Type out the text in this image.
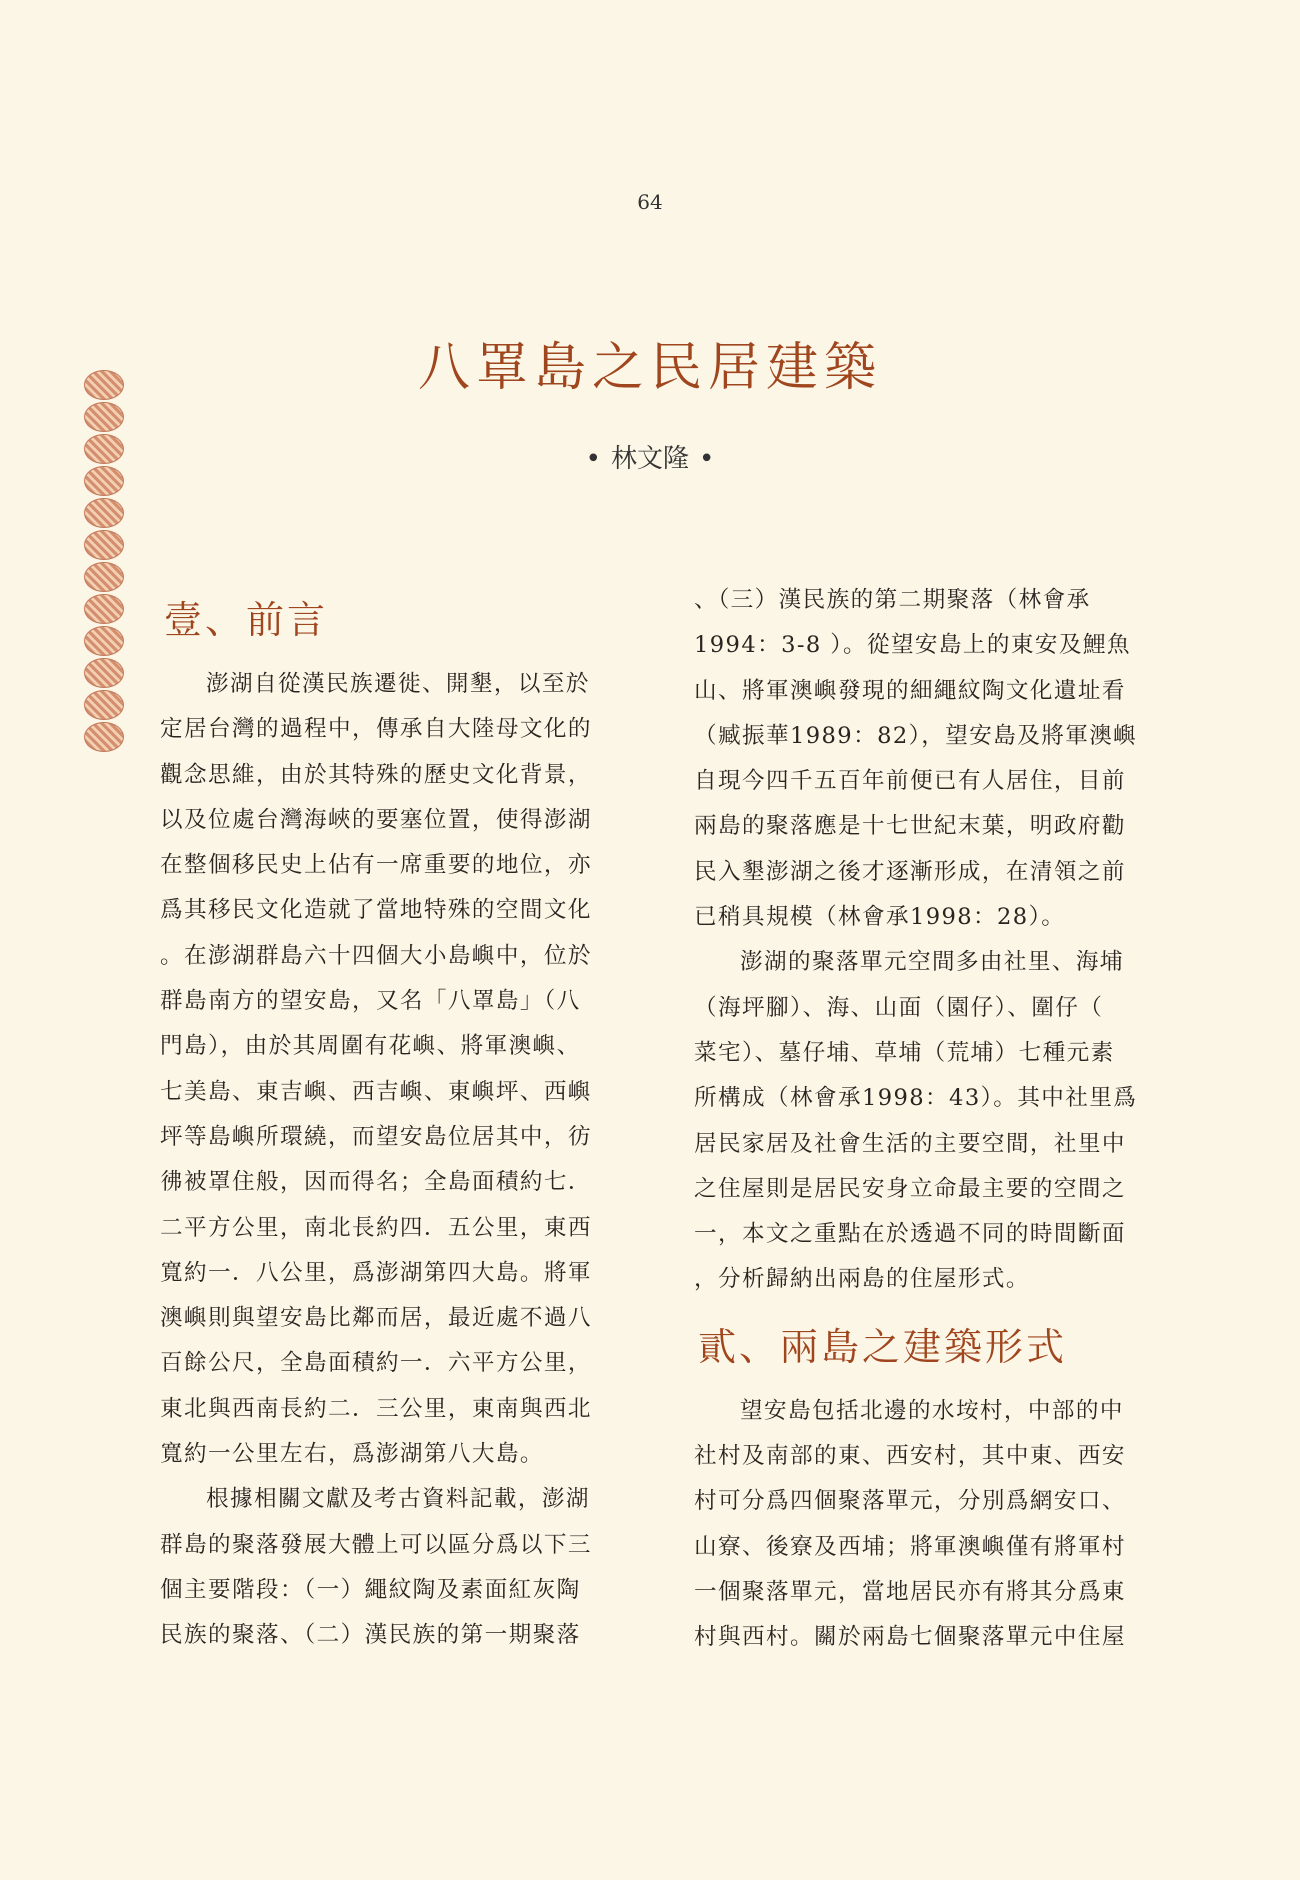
64
八罩島之民居建築
• 林文隆 •
壹、前言
澎湖自從漢民族遷徙、開墾，以至於
定居台灣的過程中，傳承自大陸母文化的
觀念思維，由於其特殊的歷史文化背景，
以及位處台灣海峽的要塞位置，使得澎湖
在整個移民史上佔有一席重要的地位，亦
爲其移民文化造就了當地特殊的空間文化
。在澎湖群島六十四個大小島嶼中，位於
群島南方的望安島，又名「八罩島」（八
門島），由於其周圍有花嶼、將軍澳嶼、
七美島、東吉嶼、西吉嶼、東嶼坪、西嶼
坪等島嶼所環繞，而望安島位居其中，彷
彿被罩住般，因而得名；全島面積約七．
二平方公里，南北長約四．五公里，東西
寬約一．八公里，爲澎湖第四大島。將軍
澳嶼則與望安島比鄰而居，最近處不過八
百餘公尺，全島面積約一．六平方公里，
東北與西南長約二．三公里，東南與西北
寬約一公里左右，爲澎湖第八大島。
根據相關文獻及考古資料記載，澎湖
群島的聚落發展大體上可以區分爲以下三
個主要階段：（一）繩紋陶及素面紅灰陶
民族的聚落、（二）漢民族的第一期聚落
、（三）漢民族的第二期聚落（林會承
1994：3-8 ）。從望安島上的東安及鯉魚
山、將軍澳嶼發現的細繩紋陶文化遺址看
（臧振華1989：82），望安島及將軍澳嶼
自現今四千五百年前便已有人居住，目前
兩島的聚落應是十七世紀末葉，明政府勸
民入墾澎湖之後才逐漸形成，在清領之前
已稍具規模（林會承1998：28）。
澎湖的聚落單元空間多由社里、海埔
（海坪腳）、海、山面（園仔）、圍仔（
菜宅）、墓仔埔、草埔（荒埔）七種元素
所構成（林會承1998：43）。其中社里爲
居民家居及社會生活的主要空間，社里中
之住屋則是居民安身立命最主要的空間之
一，本文之重點在於透過不同的時間斷面
，分析歸納出兩島的住屋形式。
貳、兩島之建築形式
望安島包括北邊的水垵村，中部的中
社村及南部的東、西安村，其中東、西安
村可分爲四個聚落單元，分別爲網安口、
山寮、後寮及西埔；將軍澳嶼僅有將軍村
一個聚落單元，當地居民亦有將其分爲東
村與西村。關於兩島七個聚落單元中住屋
